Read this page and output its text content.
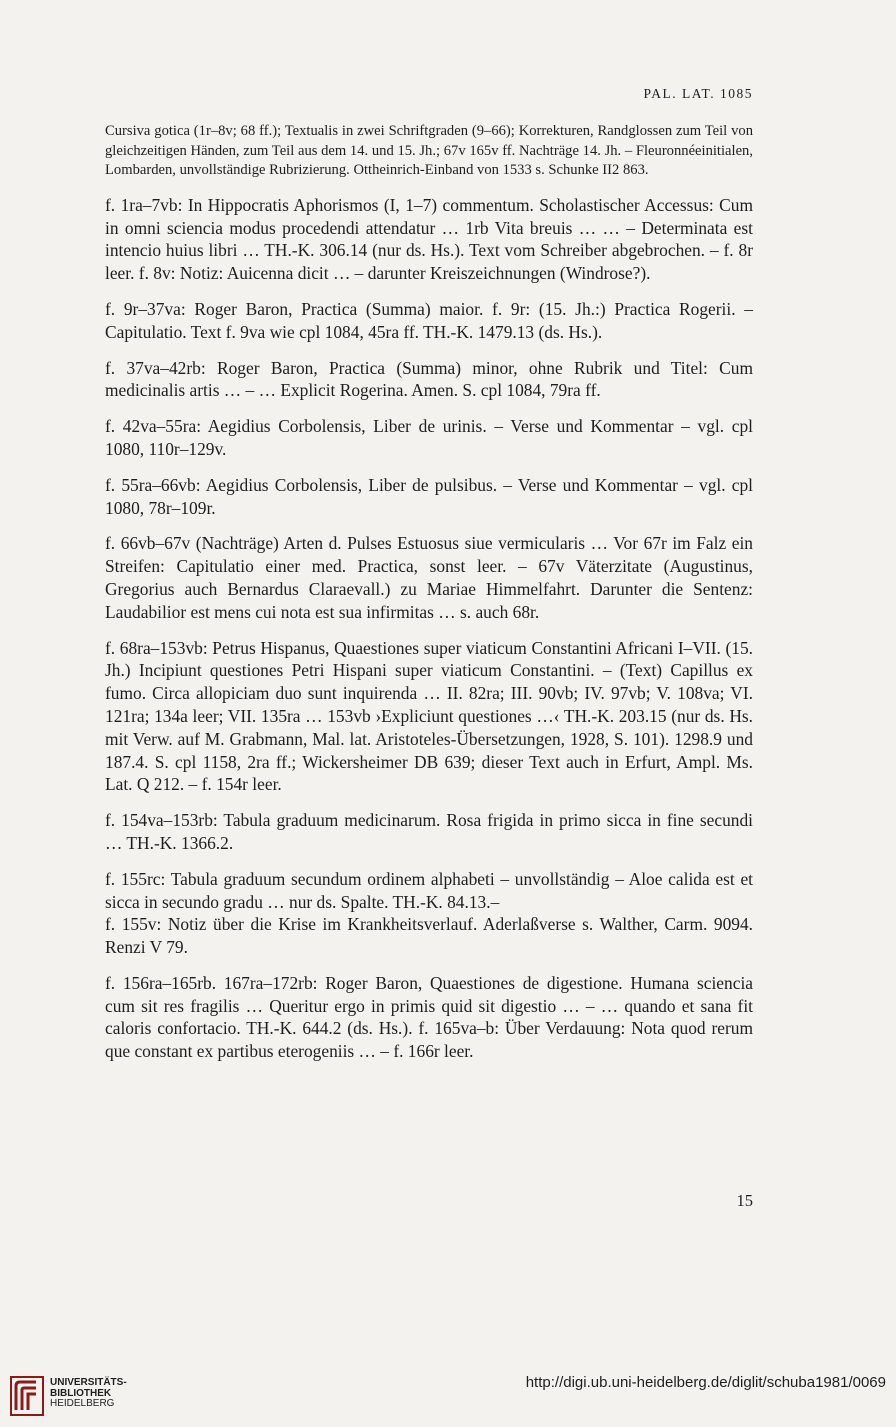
PAL. LAT. 1085

Cursiva gotica (1r–8v; 68 ff.); Textualis in zwei Schriftgraden (9–66); Korrekturen, Randglossen zum Teil von gleichzeitigen Händen, zum Teil aus dem 14. und 15. Jh.; 67v 165v ff. Nachträge 14. Jh. – Fleuronnéeinitialen, Lombarden, unvollständige Rubrizierung. Ottheinrich-Einband von 1533 s. Schunke II2 863.

f. 1ra–7vb: In Hippocratis Aphorismos (I, 1–7) commentum. Scholastischer Accessus: Cum in omni sciencia modus procedendi attendatur … 1rb Vita breuis … … – Determinata est intencio huius libri … TH.-K. 306.14 (nur ds. Hs.). Text vom Schreiber abgebrochen. – f. 8r leer. f. 8v: Notiz: Auicenna dicit … – darunter Kreiszeichnungen (Windrose?).

f. 9r–37va: Roger Baron, Practica (Summa) maior. f. 9r: (15. Jh.:) Practica Rogerii. – Capitulatio. Text f. 9va wie cpl 1084, 45ra ff. TH.-K. 1479.13 (ds. Hs.).

f. 37va–42rb: Roger Baron, Practica (Summa) minor, ohne Rubrik und Titel: Cum medicinalis artis … – … Explicit Rogerina. Amen. S. cpl 1084, 79ra ff.

f. 42va–55ra: Aegidius Corbolensis, Liber de urinis. – Verse und Kommentar – vgl. cpl 1080, 110r–129v.

f. 55ra–66vb: Aegidius Corbolensis, Liber de pulsibus. – Verse und Kommentar – vgl. cpl 1080, 78r–109r.

f. 66vb–67v (Nachträge) Arten d. Pulses Estuosus siue vermicularis … Vor 67r im Falz ein Streifen: Capitulatio einer med. Practica, sonst leer. – 67v Väterzitate (Augustinus, Gregorius auch Bernardus Claraevall.) zu Mariae Himmelfahrt. Darunter die Sentenz: Laudabilior est mens cui nota est sua infirmitas … s. auch 68r.

f. 68ra–153vb: Petrus Hispanus, Quaestiones super viaticum Constantini Africani I–VII. (15. Jh.) Incipiunt questiones Petri Hispani super viaticum Constantini. – (Text) Capillus ex fumo. Circa allopiciam duo sunt inquirenda … II. 82ra; III. 90vb; IV. 97vb; V. 108va; VI. 121ra; 134a leer; VII. 135ra … 153vb ›Expliciunt questiones …‹ TH.-K. 203.15 (nur ds. Hs. mit Verw. auf M. Grabmann, Mal. lat. Aristoteles-Übersetzungen, 1928, S. 101). 1298.9 und 187.4. S. cpl 1158, 2ra ff.; Wickersheimer DB 639; dieser Text auch in Erfurt, Ampl. Ms. Lat. Q 212. – f. 154r leer.

f. 154va–153rb: Tabula graduum medicinarum. Rosa frigida in primo sicca in fine secundi … TH.-K. 1366.2.

f. 155rc: Tabula graduum secundum ordinem alphabeti – unvollständig – Aloe calida est et sicca in secundo gradu … nur ds. Spalte. TH.-K. 84.13.–

f. 155v: Notiz über die Krise im Krankheitsverlauf. Aderlaßverse s. Walther, Carm. 9094. Renzi V 79.

f. 156ra–165rb. 167ra–172rb: Roger Baron, Quaestiones de digestione. Humana sciencia cum sit res fragilis … Queritur ergo in primis quid sit digestio … – … quando et sana fit caloris confortacio. TH.-K. 644.2 (ds. Hs.). f. 165va–b: Über Verdauung: Nota quod rerum que constant ex partibus eterogeniis … – f. 166r leer.

15
UNIVERSITÄTS-
BIBLIOTHEK
HEIDELBERG
http://digi.ub.uni-heidelberg.de/diglit/schuba1981/0069
